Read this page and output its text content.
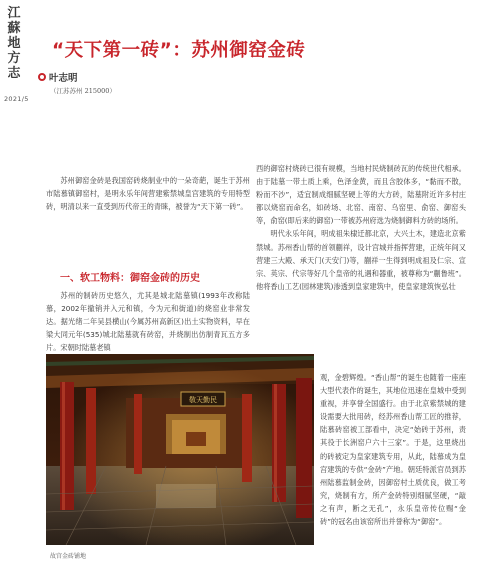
江
蘇
地
方
志
2021/5
“天下第一砖”：苏州御窑金砖
叶志明
（江苏苏州 215000）

苏州御窑金砖是我国窑砖烧制业中的一朵奇葩，诞生于苏州市陆慕镇御窑村，是明永乐年间营建紫禁城皇宫建筑的专用特型砖，明清以来一直受到历代帝王的青睐，被誉为“天下第一砖”。

一、软工物料：御窑金砖的历史

苏州的制砖历史悠久，尤其是城北陆墓镇(1993年改称陆慕，2002年撤销并入元和镇，今为元和街道)的烧窑业非常发达。据光绪二年吴县横山(今属苏州高新区)出土实物资料，早在梁大同元年(535)城北陆墓就有砖窑，并烧制出仿制青瓦五方多片。宋朝时陆墓老镇

西的御窑村烧砖已很有规模，当地村民烧制砖瓦的传统世代相承。由于陆墓一带土质上乘，色泽金黄，而且含胶体多，“黏而不散，粉而不沙”，适宜制成细腻坚硬上等的大方砖，陆墓附近许多村庄都以烧窑而命名，如砖场、北窑、南窑、乌窑里、俞窑、御窑头等，俞窑(即后来的御窑)一带被苏州府选为烧制御料方砖的场所。

明代永乐年间，明成祖朱棣迁都北京，大兴土木，建造北京紫禁城。苏州香山帮的首领蒯祥，设计宫城并指挥营建，正统年间又营建三大殿、承天门(天安门)等，蒯祥一生得到明成祖及仁宗、宣宗、英宗、代宗等好几个皇帝的礼遇和器重，被尊称为“蒯鲁班”。他将香山工艺(园林建筑)渗透到皇家建筑中，使皇家建筑恢弘壮

观，金碧辉煌。“香山帮”的诞生也随着一座座大型代表作的诞生，其地位迅速在皇城中受到重视，并享誉全国盛行。由于北京紫禁城的建设需要大批用砖，经苏州香山帮工匠的推荐，陆慕砖窑被工部看中，决定“始砖于苏州，责其役于长洲窑户六十三家”。于是，这里烧出的砖被定为皇家建筑专用，从此，陆慕成为皇宫建筑的专供“金砖”产地。朝廷特派官员到苏州陆慕监制金砖，因御窑村土质优良，做工考究，烧制有方，所产金砖特别细腻坚硬，“敲之有声，断之无孔”，永乐皇帝传位赐“金砖”的冠名由该窑所出并誉称为“御窑”。

敬天勤民
故宫金砖铺地
